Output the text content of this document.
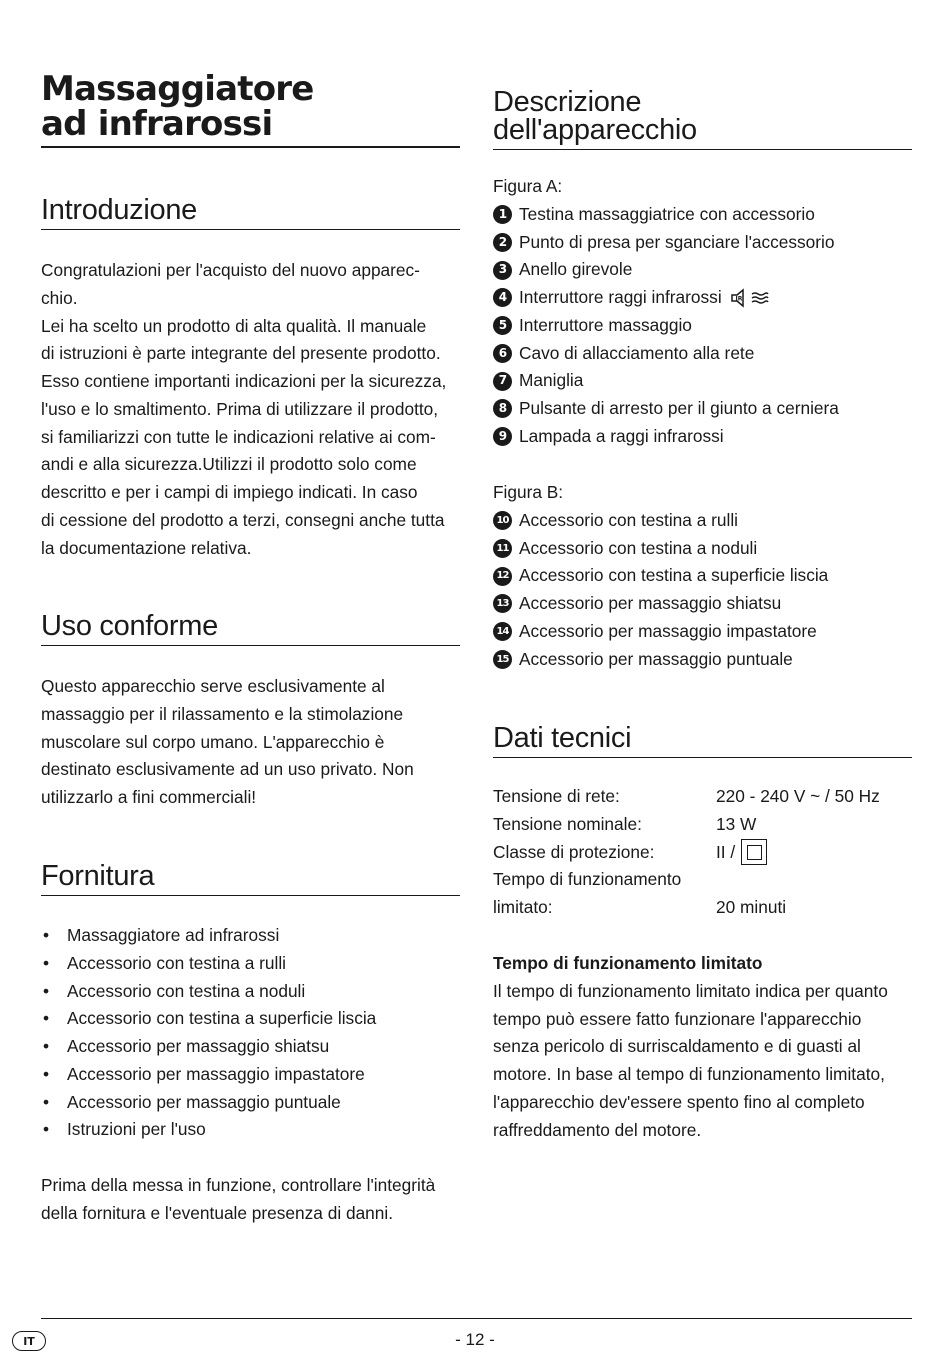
Massaggiatore
ad infrarossi
Introduzione

Congratulazioni per l'acquisto del nuovo apparec-

chio.

Lei ha scelto un prodotto di alta qualità. Il manuale

di istruzioni è parte integrante del presente prodotto.

Esso contiene importanti indicazioni per la sicurezza,

l'uso e lo smaltimento. Prima di utilizzare il prodotto,

si familiarizzi con tutte le indicazioni relative ai com-

andi e alla sicurezza.Utilizzi il prodotto solo come

descritto e per i campi di impiego indicati. In caso

di cessione del prodotto a terzi, consegni anche tutta

la documentazione relativa.

Uso conforme

Questo apparecchio serve esclusivamente al

massaggio per il rilassamento e la stimolazione

muscolare sul corpo umano. L'apparecchio è

destinato esclusivamente ad un uso privato. Non

utilizzarlo a fini commerciali!

Fornitura
• Massaggiatore ad infrarossi
• Accessorio con testina a rulli
• Accessorio con testina a noduli
• Accessorio con testina a superficie liscia
• Accessorio per massaggio shiatsu
• Accessorio per massaggio impastatore
• Accessorio per massaggio puntuale
• Istruzioni per l'uso

Prima della messa in funzione, controllare l'integrità

della fornitura e l'eventuale presenza di danni.

Descrizione
dell'apparecchio

Figura A:

1 Testina massaggiatrice con accessorio
2 Punto di presa per sganciare l'accessorio
3 Anello girevole
4 Interruttore raggi infrarossi IR
5 Interruttore massaggio
6 Cavo di allacciamento alla rete
7 Maniglia
8 Pulsante di arresto per il giunto a cerniera
9 Lampada a raggi infrarossi

Figura B:

10 Accessorio con testina a rulli
11 Accessorio con testina a noduli
12 Accessorio con testina a superficie liscia
13 Accessorio per massaggio shiatsu
14 Accessorio per massaggio impastatore
15 Accessorio per massaggio puntuale
Dati tecnici
Tensione di rete:	220 - 240 V ~ / 50 Hz
Tensione nominale:	13 W
Classe di protezione:	II /
Tempo di funzionamento
limitato:	20 minuti

Tempo di funzionamento limitato

Il tempo di funzionamento limitato indica per quanto

tempo può essere fatto funzionare l'apparecchio

senza pericolo di surriscaldamento e di guasti al

motore. In base al tempo di funzionamento limitato,

l'apparecchio dev'essere spento fino al completo

raffreddamento del motore.

IT	- 12 -
